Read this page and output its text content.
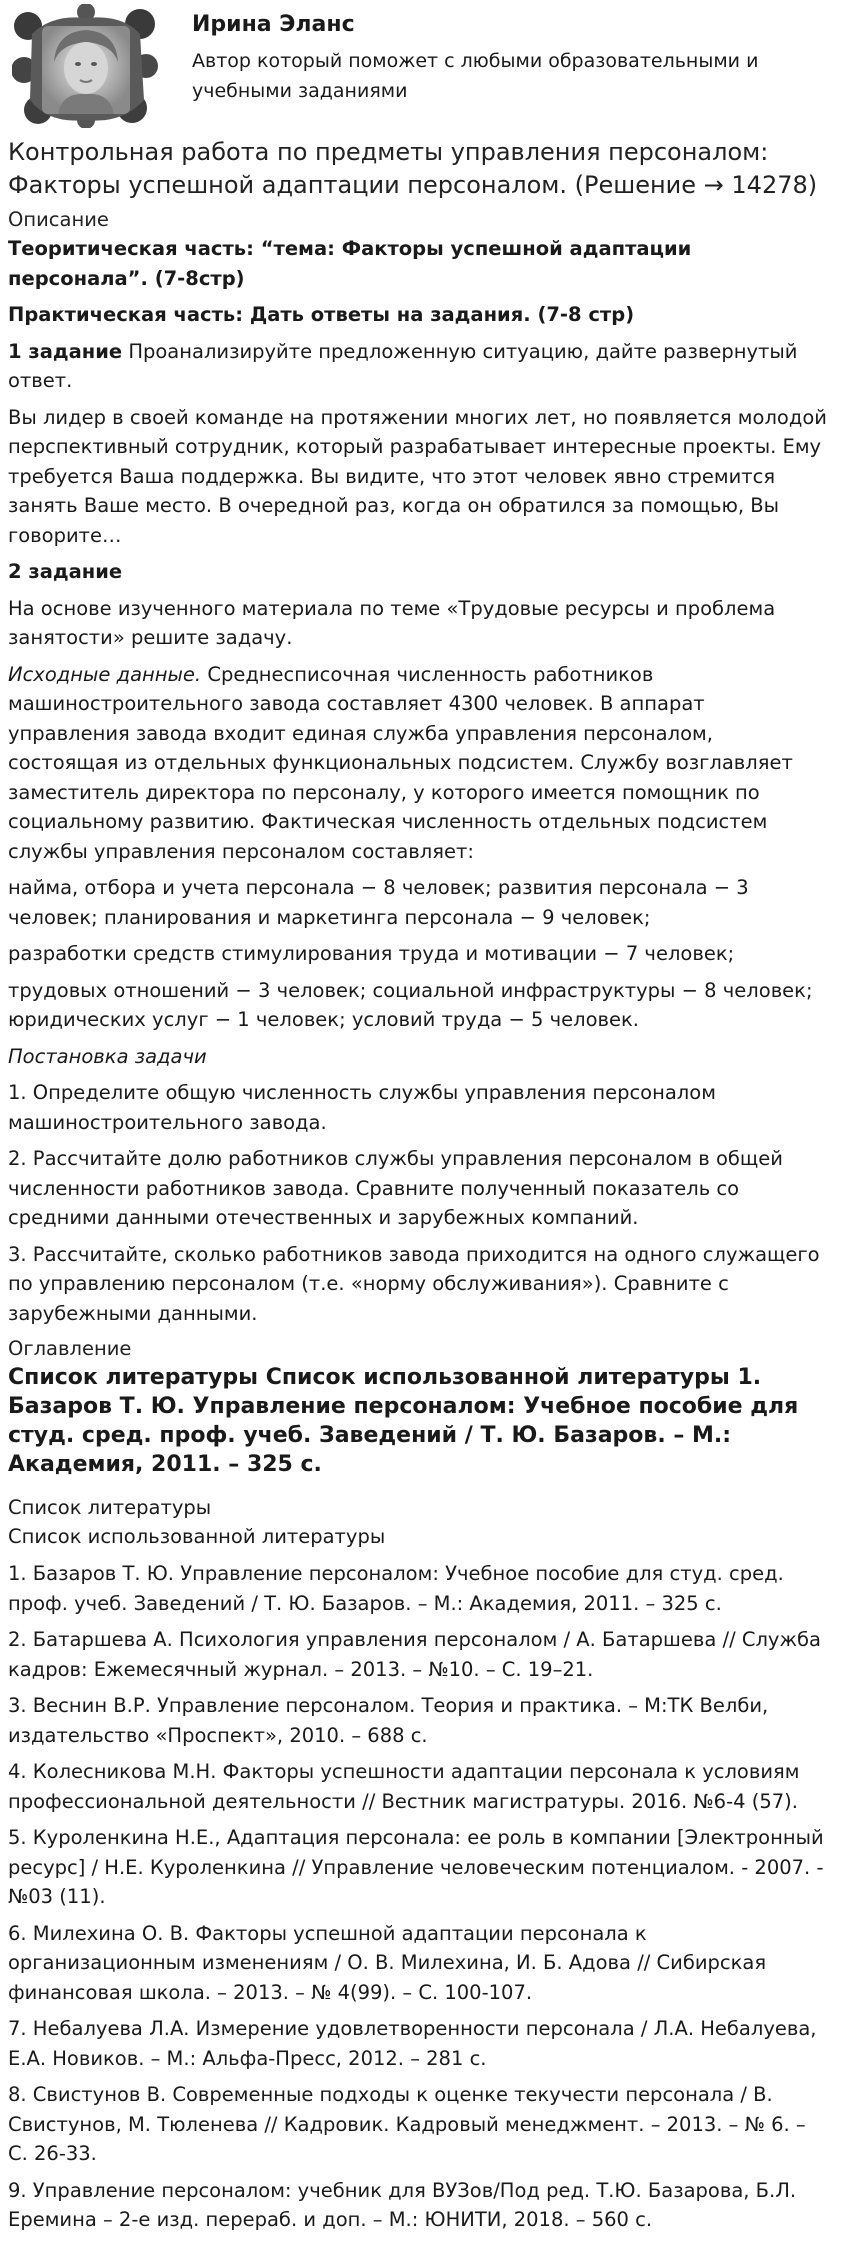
Ирина Эланс
Автор который поможет с любыми образовательными и учебными заданиями
Контрольная работа по предметы управления персоналом: Факторы успешной адаптации персоналом. (Решение → 14278)
Описание

Теоритическая часть: “тема: Факторы успешной адаптации персонала”. (7-8стр)

Практическая часть: Дать ответы на задания. (7-8 стр)

1 задание Проанализируйте предложенную ситуацию, дайте развернутый ответ.

Вы лидер в своей команде на протяжении многих лет, но появляется молодой перспективный сотрудник, который разрабатывает интересные проекты. Ему требуется Ваша поддержка. Вы видите, что этот человек явно стремится занять Ваше место. В очередной раз, когда он обратился за помощью, Вы говорите…

2 задание

На основе изученного материала по теме «Трудовые ресурсы и проблема занятости» решите задачу.

Исходные данные. Среднесписочная численность работников машиностроительного завода составляет 4300 человек. В аппарат управления завода входит единая служба управления персоналом, состоящая из отдельных функциональных подсистем. Службу возглавляет заместитель директора по персоналу, у которого имеется помощник по социальному развитию. Фактическая численность отдельных подсистем службы управления персоналом составляет:

найма, отбора и учета персонала − 8 человек; развития персонала − 3 человек; планирования и маркетинга персонала − 9 человек;

разработки средств стимулирования труда и мотивации − 7 человек;

трудовых отношений − 3 человек; социальной инфраструктуры − 8 человек; юридических услуг − 1 человек; условий труда − 5 человек.

Постановка задачи

1. Определите общую численность службы управления персоналом машиностроительного завода.

2. Рассчитайте долю работников службы управления персоналом в общей численности работников завода. Сравните полученный показатель со средними данными отечественных и зарубежных компаний.

3. Рассчитайте, сколько работников завода приходится на одного служащего по управлению персоналом (т.е. «норму обслуживания»). Сравните с зарубежными данными.

Оглавление
Список литературы Список использованной литературы 1. Базаров Т. Ю. Управление персоналом: Учебное пособие для студ. сред. проф. учеб. Заведений / Т. Ю. Базаров. – М.: Академия, 2011. – 325 с.

Список литературы

Список использованной литературы

1. Базаров Т. Ю. Управление персоналом: Учебное пособие для студ. сред. проф. учеб. Заведений / Т. Ю. Базаров. – М.: Академия, 2011. – 325 с.
2. Батаршева А. Психология управления персоналом / А. Батаршева // Служба кадров: Ежемесячный журнал. – 2013. – №10. – С. 19–21.
3. Веснин В.Р. Управление персоналом. Теория и практика. – М:ТК Велби, издательство «Проспект», 2010. – 688 с.
4. Колесникова М.Н. Факторы успешности адаптации персонала к условиям профессиональной деятельности // Вестник магистратуры. 2016. №6-4 (57).
5. Куроленкина Н.Е., Адаптация персонала: ее роль в компании [Электронный ресурс] / Н.Е. Куроленкина // Управление человеческим потенциалом. - 2007. - №03 (11).
6. Милехина О. В. Факторы успешной адаптации персонала к организационным изменениям / О. В. Милехина, И. Б. Адова // Сибирская финансовая школа. – 2013. – № 4(99). – С. 100-107.
7. Небалуева Л.А. Измерение удовлетворенности персонала / Л.А. Небалуева, Е.А. Новиков. – М.: Альфа-Пресс, 2012. – 281 с.
8. Свистунов В. Современные подходы к оценке текучести персонала / В. Свистунов, М. Тюленева // Кадровик. Кадровый менеджмент. – 2013. – № 6. – С. 26-33.
9. Управление персоналом: учебник для ВУЗов/Под ред. Т.Ю. Базарова, Б.Л. Еремина – 2-е изд. перераб. и доп. – М.: ЮНИТИ, 2018. – 560 с.
